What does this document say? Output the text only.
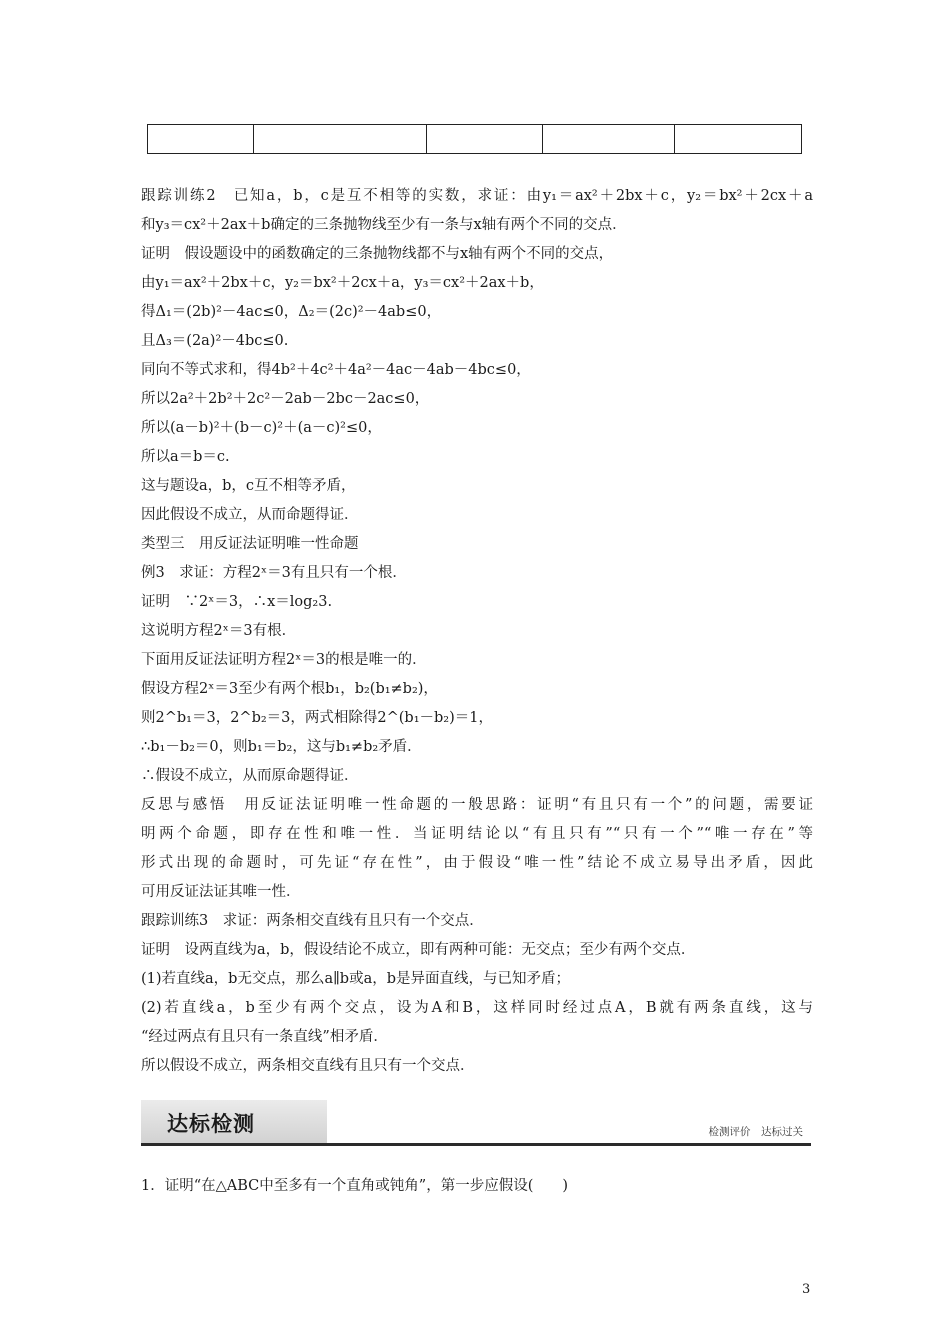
跟踪训练2　已知a，b，c是互不相等的实数，求证：由y₁＝ax²＋2bx＋c，y₂＝bx²＋2cx＋a
和y₃＝cx²＋2ax＋b确定的三条抛物线至少有一条与x轴有两个不同的交点．
证明　假设题设中的函数确定的三条抛物线都不与x轴有两个不同的交点，
由y₁＝ax²＋2bx＋c，y₂＝bx²＋2cx＋a，y₃＝cx²＋2ax＋b，
得Δ₁＝(2b)²－4ac≤0，Δ₂＝(2c)²－4ab≤0，
且Δ₃＝(2a)²－4bc≤0.
同向不等式求和，得4b²＋4c²＋4a²－4ac－4ab－4bc≤0，
所以2a²＋2b²＋2c²－2ab－2bc－2ac≤0，
所以(a－b)²＋(b－c)²＋(a－c)²≤0，
所以a＝b＝c.
这与题设a，b，c互不相等矛盾，
因此假设不成立，从而命题得证．
类型三　用反证法证明唯一性命题
例3　求证：方程2ˣ＝3有且只有一个根．
证明　∵2ˣ＝3，∴x＝log₂3.
这说明方程2ˣ＝3有根．
下面用反证法证明方程2ˣ＝3的根是唯一的．
假设方程2ˣ＝3至少有两个根b₁，b₂(b₁≠b₂)，
则2^b₁＝3，2^b₂＝3，两式相除得2^(b₁－b₂)＝1，
∴b₁－b₂＝0，则b₁＝b₂，这与b₁≠b₂矛盾．
∴假设不成立，从而原命题得证．
反思与感悟　用反证法证明唯一性命题的一般思路：证明“有且只有一个”的问题，需要证
明两个命题，即存在性和唯一性．当证明结论以“有且只有”“只有一个”“唯一存在”等
形式出现的命题时，可先证“存在性”，由于假设“唯一性”结论不成立易导出矛盾，因此
可用反证法证其唯一性．
跟踪训练3　求证：两条相交直线有且只有一个交点．
证明　设两直线为a，b，假设结论不成立，即有两种可能：无交点；至少有两个交点．
(1)若直线a，b无交点，那么a∥b或a，b是异面直线，与已知矛盾；
(2)若直线a，b至少有两个交点，设为A和B，这样同时经过点A，B就有两条直线，这与
“经过两点有且只有一条直线”相矛盾．
所以假设不成立，两条相交直线有且只有一个交点．
达标检测	检测评价　达标过关
1．证明“在△ABC中至多有一个直角或钝角”，第一步应假设(　　)
3
